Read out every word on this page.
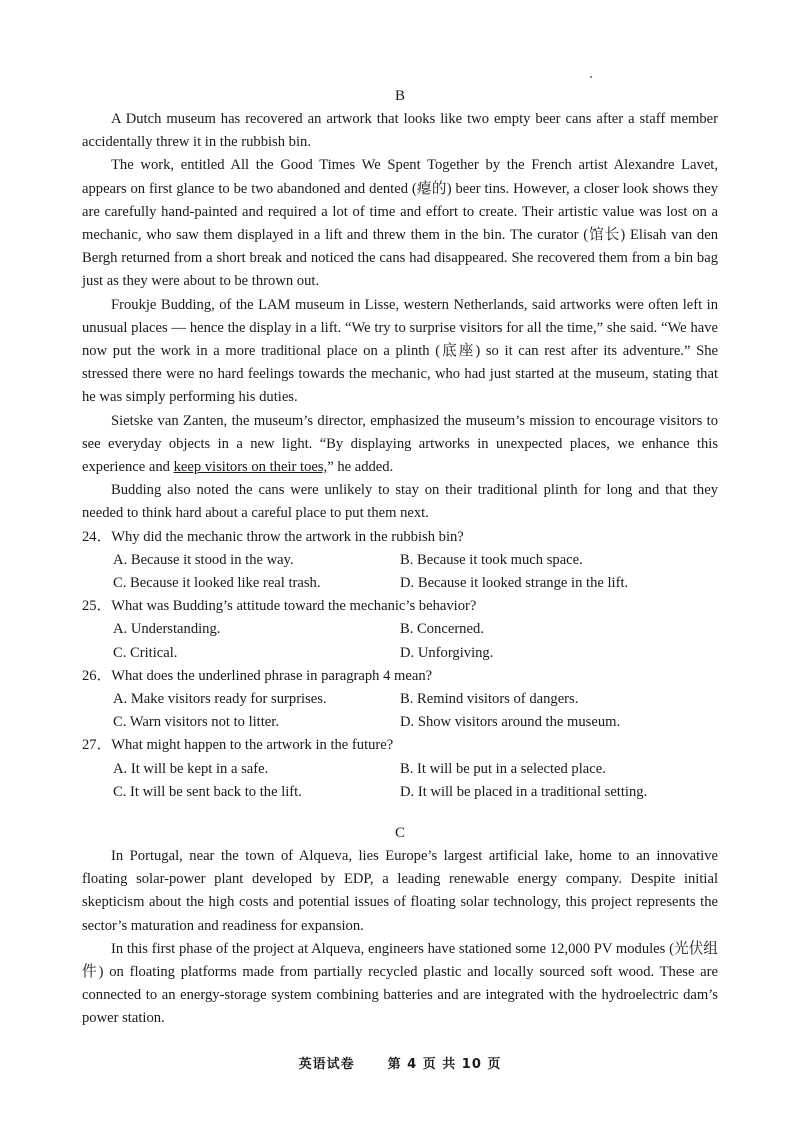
B

A Dutch museum has recovered an artwork that looks like two empty beer cans after a staff member accidentally threw it in the rubbish bin.

The work, entitled All the Good Times We Spent Together by the French artist Alexandre Lavet, appears on first glance to be two abandoned and dented (瘪的) beer tins. However, a closer look shows they are carefully hand-painted and required a lot of time and effort to create. Their artistic value was lost on a mechanic, who saw them displayed in a lift and threw them in the bin. The curator (馆长) Elisah van den Bergh returned from a short break and noticed the cans had disappeared. She recovered them from a bin bag just as they were about to be thrown out.

Froukje Budding, of the LAM museum in Lisse, western Netherlands, said artworks were often left in unusual places — hence the display in a lift. “We try to surprise visitors for all the time,” she said. “We have now put the work in a more traditional place on a plinth (底座) so it can rest after its adventure.” She stressed there were no hard feelings towards the mechanic, who had just started at the museum, stating that he was simply performing his duties.

Sietske van Zanten, the museum’s director, emphasized the museum’s mission to encourage visitors to see everyday objects in a new light. “By displaying artworks in unexpected places, we enhance this experience and keep visitors on their toes,” he added.

Budding also noted the cans were unlikely to stay on their traditional plinth for long and that they needed to think hard about a careful place to put them next.

24．Why did the mechanic throw the artwork in the rubbish bin?

A. Because it stood in the way.	B. Because it took much space.
C. Because it looked like real trash.	D. Because it looked strange in the lift.

25．What was Budding’s attitude toward the mechanic’s behavior?

A. Understanding.	B. Concerned.
C. Critical.	D. Unforgiving.

26．What does the underlined phrase in paragraph 4 mean?

A. Make visitors ready for surprises.	B. Remind visitors of dangers.
C. Warn visitors not to litter.	D. Show visitors around the museum.

27．What might happen to the artwork in the future?

A. It will be kept in a safe.	B. It will be put in a selected place.
C. It will be sent back to the lift.	D. It will be placed in a traditional setting.
C

In Portugal, near the town of Alqueva, lies Europe’s largest artificial lake, home to an innovative floating solar-power plant developed by EDP, a leading renewable energy company. Despite initial skepticism about the high costs and potential issues of floating solar technology, this project represents the sector’s maturation and readiness for expansion.

In this first phase of the project at Alqueva, engineers have stationed some 12,000 PV modules (光伏组件) on floating platforms made from partially recycled plastic and locally sourced soft wood. These are connected to an energy-storage system combining batteries and are integrated with the hydroelectric dam’s power station.

英语试卷	第 4 页 共 10 页
